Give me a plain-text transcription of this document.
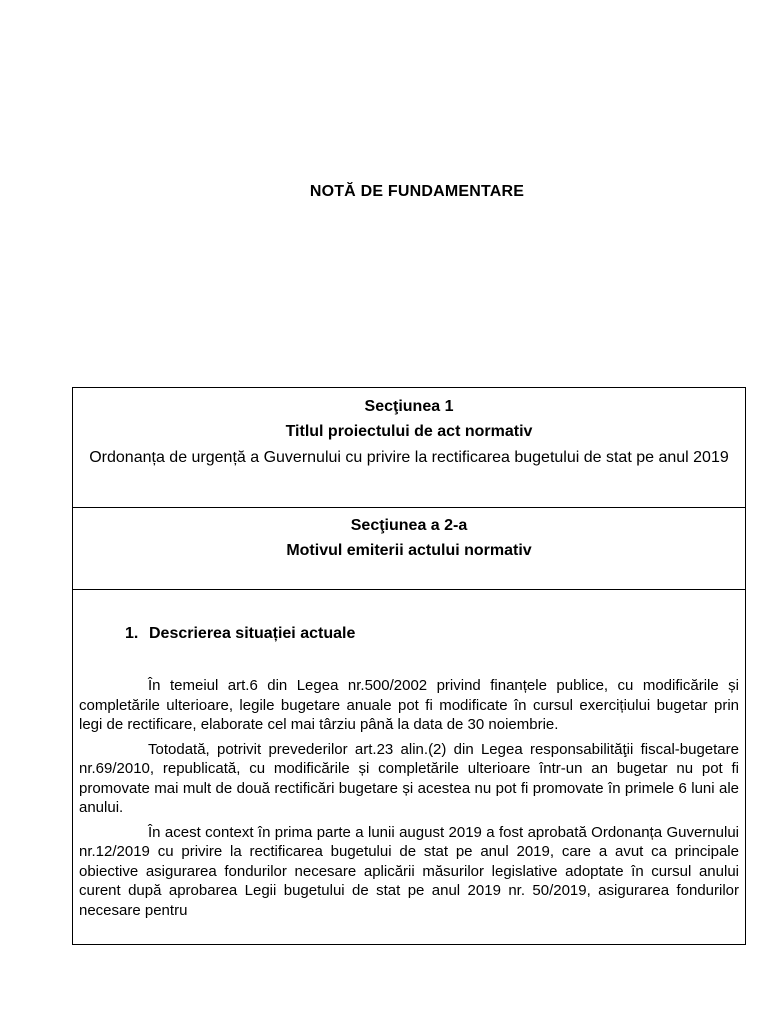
NOTĂ DE FUNDAMENTARE

Secţiunea 1

Titlul proiectului de act normativ

Ordonanța de urgență a Guvernului cu privire la rectificarea bugetului de stat pe anul 2019

Secţiunea a 2-a

Motivul emiterii actului normativ

1. Descrierea situației actuale

În temeiul art.6 din Legea nr.500/2002 privind finanțele publice, cu modificările și completările ulterioare, legile bugetare anuale pot fi modificate în cursul exercițiului bugetar prin legi de rectificare, elaborate cel mai târziu până la data de 30 noiembrie.

Totodată, potrivit prevederilor art.23 alin.(2) din Legea responsabilităţii fiscal-bugetare nr.69/2010, republicată, cu modificările și completările ulterioare într-un an bugetar nu pot fi promovate mai mult de două rectificări bugetare și acestea nu pot fi promovate în primele 6 luni ale anului.

În acest context în prima parte a lunii august 2019 a fost aprobată Ordonanța Guvernului nr.12/2019 cu privire la rectificarea bugetului de stat pe anul 2019, care a avut ca principale obiective asigurarea fondurilor necesare aplicării măsurilor legislative adoptate în cursul anului curent după aprobarea Legii bugetului de stat pe anul 2019 nr. 50/2019, asigurarea fondurilor necesare pentru
